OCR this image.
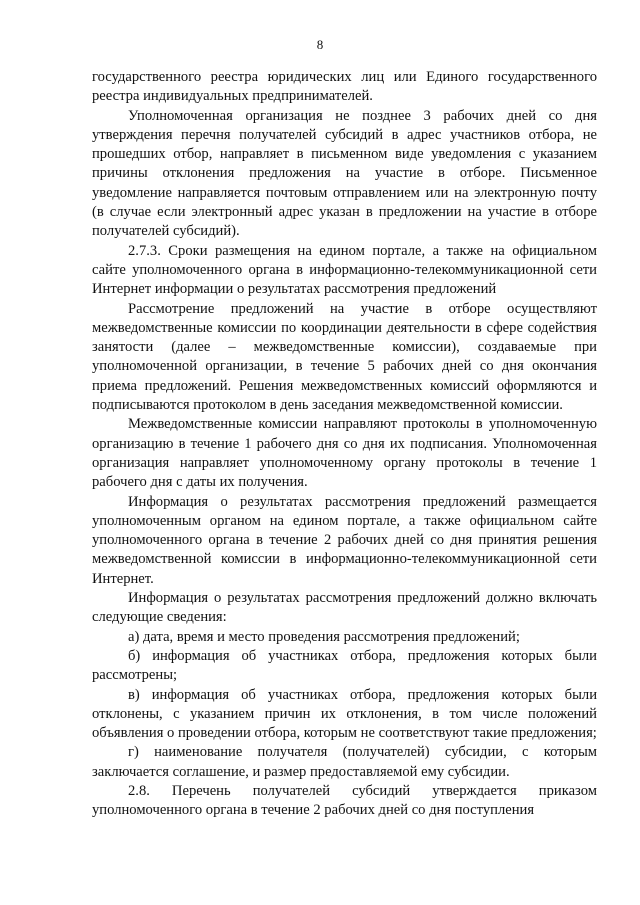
8

государственного реестра юридических лиц или Единого государственного реестра индивидуальных предпринимателей.

Уполномоченная организация не позднее 3 рабочих дней со дня утверждения перечня получателей субсидий в адрес участников отбора, не прошедших отбор, направляет в письменном виде уведомления с указанием причины отклонения предложения на участие в отборе. Письменное уведомление направляется почтовым отправлением или на электронную почту (в случае если электронный адрес указан в предложении на участие в отборе получателей субсидий).

2.7.3. Сроки размещения на едином портале, а также на официальном сайте уполномоченного органа в информационно-телекоммуникационной сети Интернет информации о результатах рассмотрения предложений

Рассмотрение предложений на участие в отборе осуществляют межведомственные комиссии по координации деятельности в сфере содействия занятости (далее – межведомственные комиссии), создаваемые при уполномоченной организации, в течение 5 рабочих дней со дня окончания приема предложений. Решения межведомственных комиссий оформляются и подписываются протоколом в день заседания межведомственной комиссии.

Межведомственные комиссии направляют протоколы в уполномоченную организацию в течение 1 рабочего дня со дня их подписания. Уполномоченная организация направляет уполномоченному органу протоколы в течение 1 рабочего дня с даты их получения.

Информация о результатах рассмотрения предложений размещается уполномоченным органом на едином портале, а также официальном сайте уполномоченного органа в течение 2 рабочих дней со дня принятия решения межведомственной комиссии в информационно-телекоммуникационной сети Интернет.

Информация о результатах рассмотрения предложений должно включать следующие сведения:

а) дата, время и место проведения рассмотрения предложений;

б) информация об участниках отбора, предложения которых были рассмотрены;

в) информация об участниках отбора, предложения которых были отклонены, с указанием причин их отклонения, в том числе положений объявления о проведении отбора, которым не соответствуют такие предложения;

г) наименование получателя (получателей) субсидии, с которым заключается соглашение, и размер предоставляемой ему субсидии.

2.8. Перечень получателей субсидий утверждается приказом уполномоченного органа в течение 2 рабочих дней со дня поступления
